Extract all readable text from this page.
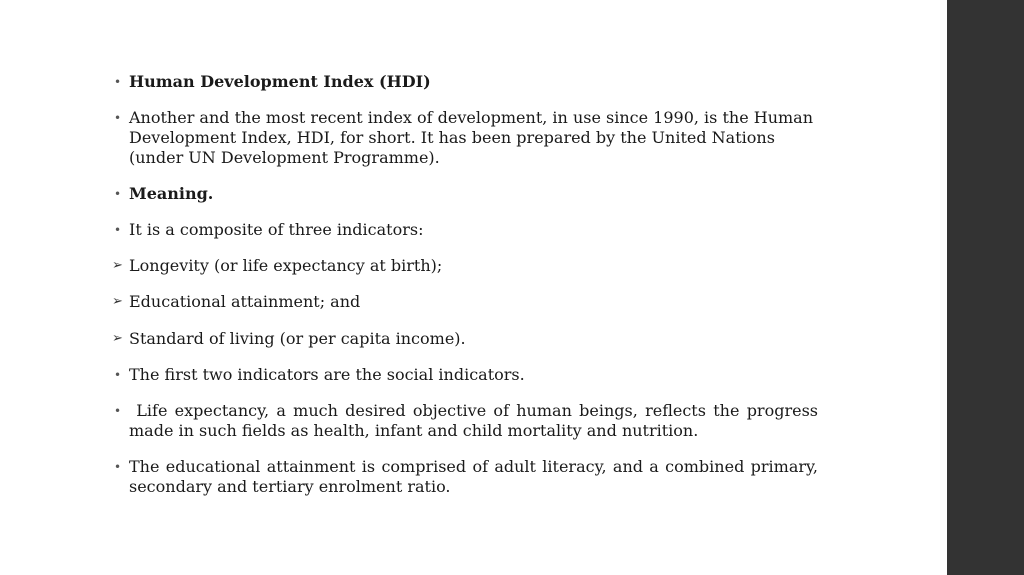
• Human Development Index (HDI)
• Another and the most recent index of development, in use since 1990, is the Human Development Index, HDI, for short. It has been prepared by the United Nations (under UN Development Programme).
• Meaning.
• It is a composite of three indicators:
➢ Longevity (or life expectancy at birth);
➢ Educational attainment; and
➢ Standard of living (or per capita income).
• The first two indicators are the social indicators.
• Life expectancy, a much desired objective of human beings, reflects the progress made in such fields as health, infant and child mortality and nutrition.
• The educational attainment is comprised of adult literacy, and a combined primary, secondary and tertiary enrolment ratio.
